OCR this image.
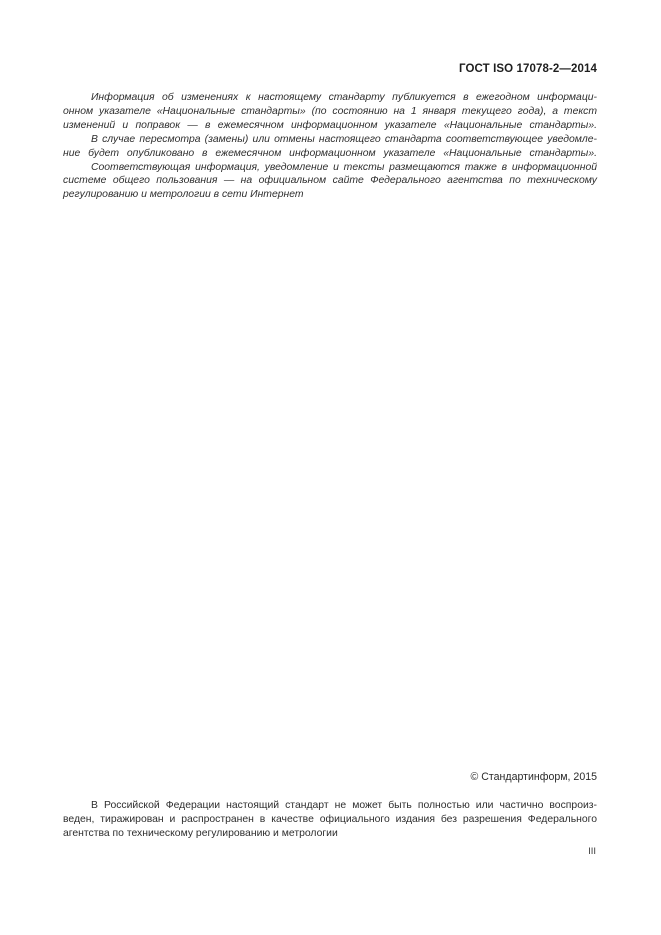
ГОСТ ISO 17078-2—2014
Информация об изменениях к настоящему стандарту публикуется в ежегодном информаци-
онном указателе «Национальные стандарты» (по состоянию на 1 января текущего года), а текст
изменений и поправок — в ежемесячном информационном указателе «Национальные стандарты».
В случае пересмотра (замены) или отмены настоящего стандарта соответствующее уведомле-
ние будет опубликовано в ежемесячном информационном указателе «Национальные стандарты».
Соответствующая информация, уведомление и тексты размещаются также в информационной
системе общего пользования — на официальном сайте Федерального агентства по техническому
регулированию и метрологии в сети Интернет
© Стандартинформ, 2015
В Российской Федерации настоящий стандарт не может быть полностью или частично воспроиз-
веден, тиражирован и распространен в качестве официального издания без разрешения Федерального
агентства по техническому регулированию и метрологии
III
